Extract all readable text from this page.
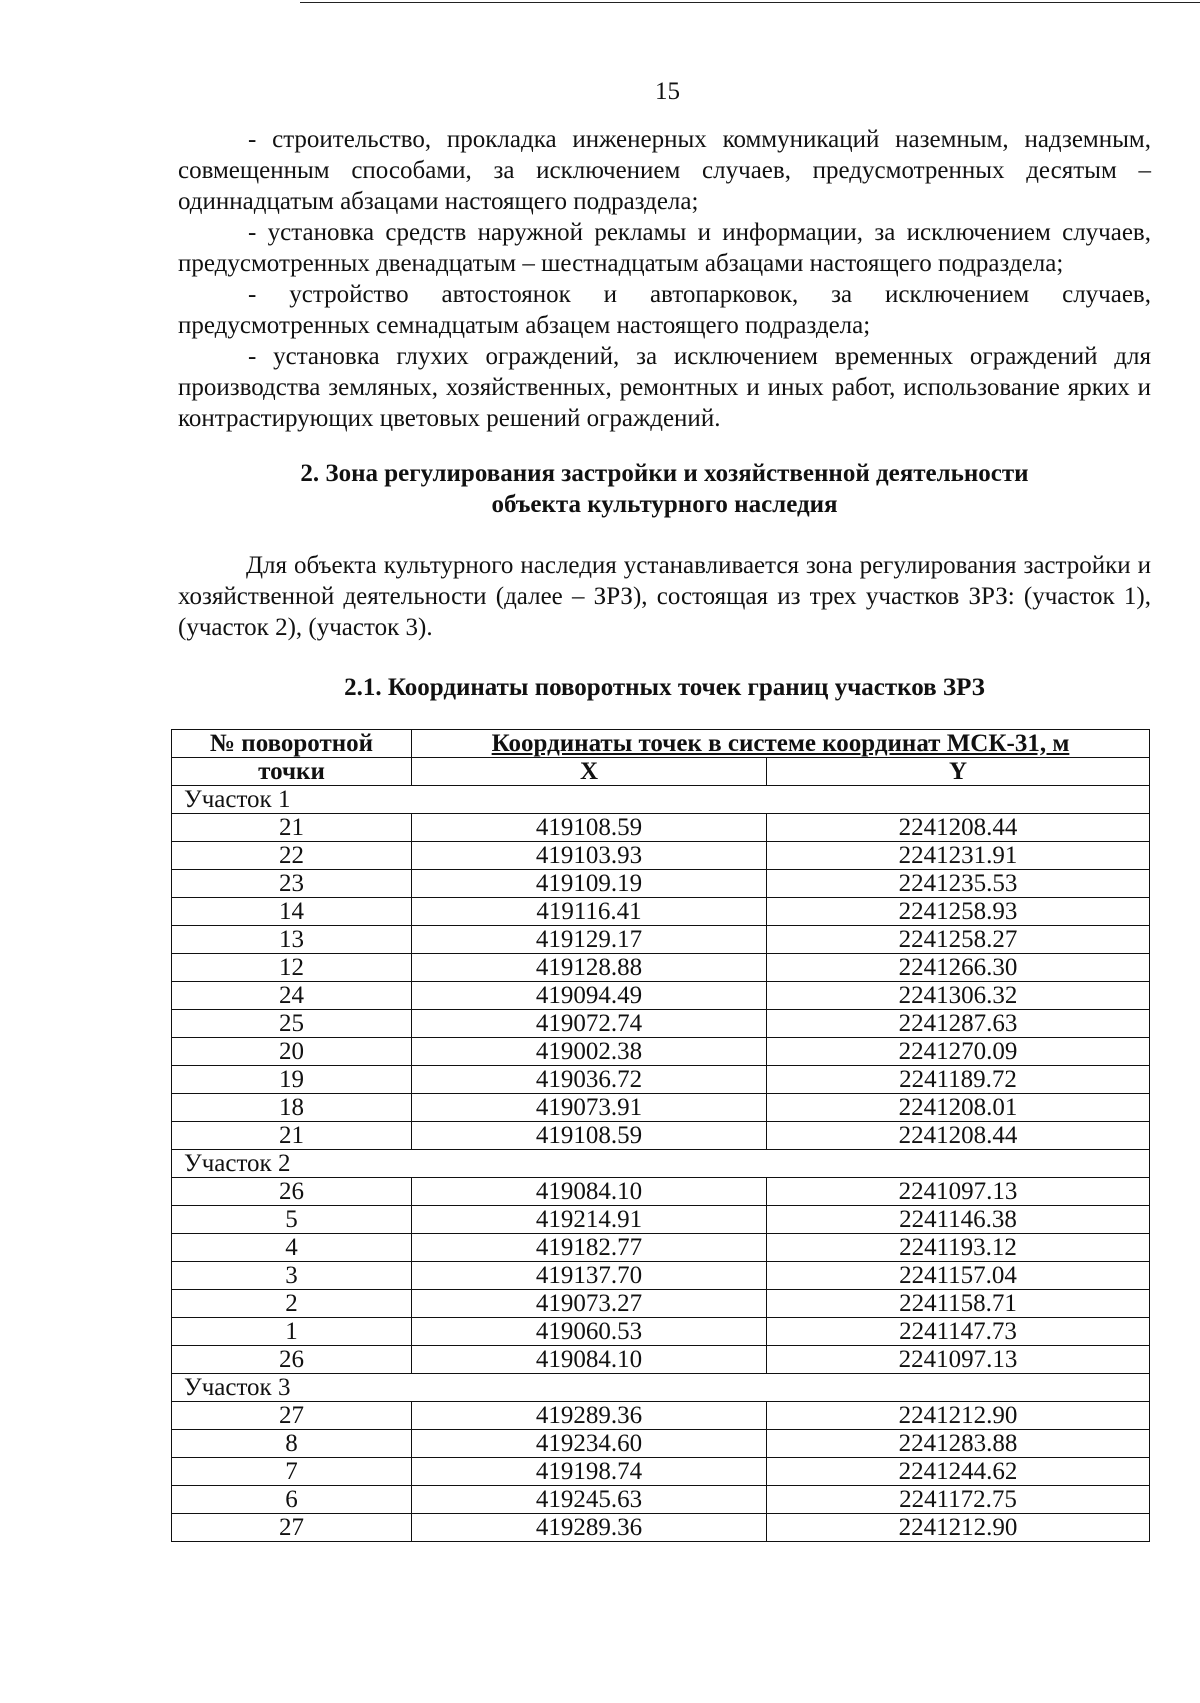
15

- строительство, прокладка инженерных коммуникаций наземным, надземным, совмещенным способами, за исключением случаев, предусмотренных десятым – одиннадцатым абзацами настоящего подраздела;

- установка средств наружной рекламы и информации, за исключением случаев, предусмотренных двенадцатым – шестнадцатым абзацами настоящего подраздела;

- устройство автостоянок и автопарковок, за исключением случаев, предусмотренных семнадцатым абзацем настоящего подраздела;

- установка глухих ограждений, за исключением временных ограждений для производства земляных, хозяйственных, ремонтных и иных работ, использование ярких и контрастирующих цветовых решений ограждений.

2. Зона регулирования застройки и хозяйственной деятельности
объекта культурного наследия

Для объекта культурного наследия устанавливается зона регулирования застройки и хозяйственной деятельности (далее – ЗРЗ), состоящая из трех участков ЗРЗ: (участок 1), (участок 2), (участок 3).

2.1. Координаты поворотных точек границ участков ЗРЗ
№ поворотной	Координаты точек в системе координат МСК-31, м	
точки	X	Y
Участок 1		
21	419108.59	2241208.44
22	419103.93	2241231.91
23	419109.19	2241235.53
14	419116.41	2241258.93
13	419129.17	2241258.27
12	419128.88	2241266.30
24	419094.49	2241306.32
25	419072.74	2241287.63
20	419002.38	2241270.09
19	419036.72	2241189.72
18	419073.91	2241208.01
21	419108.59	2241208.44
Участок 2		
26	419084.10	2241097.13
5	419214.91	2241146.38
4	419182.77	2241193.12
3	419137.70	2241157.04
2	419073.27	2241158.71
1	419060.53	2241147.73
26	419084.10	2241097.13
Участок 3		
27	419289.36	2241212.90
8	419234.60	2241283.88
7	419198.74	2241244.62
6	419245.63	2241172.75
27	419289.36	2241212.90
